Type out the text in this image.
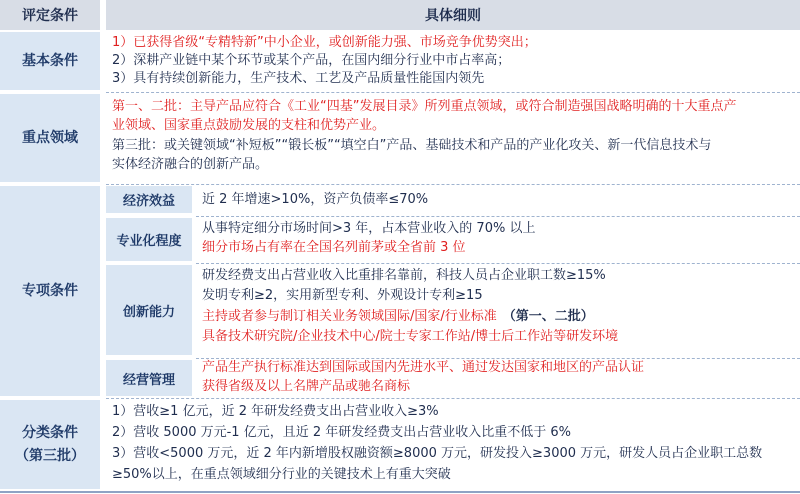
评定条件	具体细则
基本条件
1）已获得省级“专精特新”中小企业，或创新能力强、市场竞争优势突出；
2）深耕产业链中某个环节或某个产品，在国内细分行业中市占率高；
3）具有持续创新能力，生产技术、工艺及产品质量性能国内领先
重点领域
第一、二批：主导产品应符合《工业“四基”发展目录》所列重点领域，或符合制造强国战略明确的十大重点产
业领域、国家重点鼓励发展的支柱和优势产业。
第三批：或关键领域“补短板”“锻长板”“填空白”产品、基础技术和产品的产业化攻关、新一代信息技术与
实体经济融合的创新产品。
专项条件
经济效益	近 2 年增速>10%，资产负债率≤70%
专业化程度
从事特定细分市场时间>3 年，占本营业收入的 70% 以上
细分市场占有率在全国名列前茅或全省前 3 位
创新能力
研发经费支出占营业收入比重排名靠前，科技人员占企业职工数≥15%
发明专利≥2，实用新型专利、外观设计专利≥15
主持或者参与制订相关业务领域国际/国家/行业标准 （第一、二批）
具备技术研究院/企业技术中心/院士专家工作站/博士后工作站等研发环境
经营管理
产品生产执行标准达到国际或国内先进水平、通过发达国家和地区的产品认证
获得省级及以上名牌产品或驰名商标
分类条件
（第三批）
1）营收≥1 亿元，近 2 年研发经费支出占营业收入≥3%
2）营收 5000 万元-1 亿元，且近 2 年研发经费支出占营业收入比重不低于 6%
3）营收<5000 万元，近 2 年内新增股权融资额≥8000 万元，研发投入≥3000 万元，研发人员占企业职工总数
≥50%以上，在重点领域细分行业的关键技术上有重大突破
